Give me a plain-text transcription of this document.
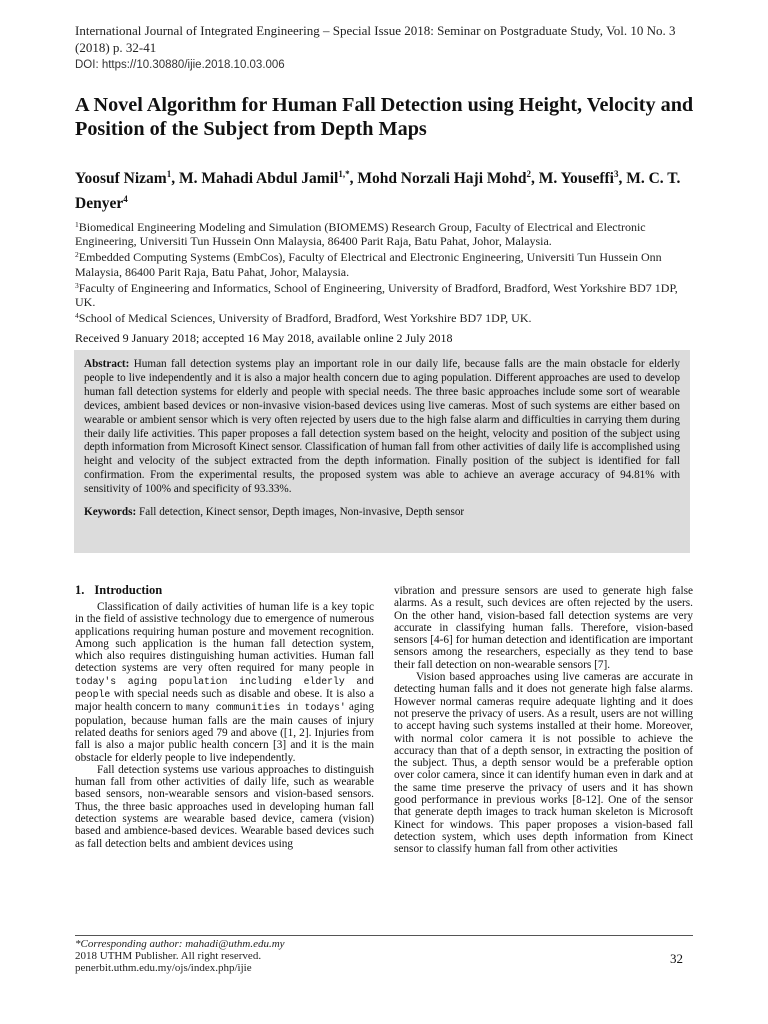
International Journal of Integrated Engineering – Special Issue 2018: Seminar on Postgraduate Study, Vol. 10 No. 3 (2018) p. 32-41
DOI: https://10.30880/ijie.2018.10.03.006
A Novel Algorithm for Human Fall Detection using Height, Velocity and Position of the Subject from Depth Maps
Yoosuf Nizam$^1$, M. Mahadi Abdul Jamil$^{1,*}$, Mohd Norzali Haji Mohd$^2$, M. Youseffi$^3$, M. C. T. Denyer$^4$

$^1$Biomedical Engineering Modeling and Simulation (BIOMEMS) Research Group, Faculty of Electrical and Electronic Engineering, Universiti Tun Hussein Onn Malaysia, 86400 Parit Raja, Batu Pahat, Johor, Malaysia.

$^2$Embedded Computing Systems (EmbCos), Faculty of Electrical and Electronic Engineering, Universiti Tun Hussein Onn Malaysia, 86400 Parit Raja, Batu Pahat, Johor, Malaysia.

$^3$Faculty of Engineering and Informatics, School of Engineering, University of Bradford, Bradford, West Yorkshire BD7 1DP, UK.

$^4$School of Medical Sciences, University of Bradford, Bradford, West Yorkshire BD7 1DP, UK.

Received 9 January 2018; accepted 16 May 2018, available online 2 July 2018

Abstract: Human fall detection systems play an important role in our daily life, because falls are the main obstacle for elderly people to live independently and it is also a major health concern due to aging population. Different approaches are used to develop human fall detection systems for elderly and people with special needs. The three basic approaches include some sort of wearable devices, ambient based devices or non-invasive vision-based devices using live cameras. Most of such systems are either based on wearable or ambient sensor which is very often rejected by users due to the high false alarm and difficulties in carrying them during their daily life activities. This paper proposes a fall detection system based on the height, velocity and position of the subject using depth information from Microsoft Kinect sensor. Classification of human fall from other activities of daily life is accomplished using height and velocity of the subject extracted from the depth information. Finally position of the subject is identified for fall confirmation. From the experimental results, the proposed system was able to achieve an average accuracy of 94.81% with sensitivity of 100% and specificity of 93.33%.

Keywords: Fall detection, Kinect sensor, Depth images, Non-invasive, Depth sensor

1. Introduction

Classification of daily activities of human life is a key topic in the field of assistive technology due to emergence of numerous applications requiring human posture and movement recognition. Among such application is the human fall detection system, which also requires distinguishing human activities. Human fall detection systems are very often required for many people in today's aging population including elderly and people with special needs such as disable and obese. It is also a major health concern to many communities in todays' aging population, because human falls are the main causes of injury related deaths for seniors aged 79 and above ([1, 2]. Injuries from fall is also a major public health concern [3] and it is the main obstacle for elderly people to live independently.

Fall detection systems use various approaches to distinguish human fall from other activities of daily life, such as wearable based sensors, non-wearable sensors and vision-based sensors. Thus, the three basic approaches used in developing human fall detection systems are wearable based device, camera (vision) based and ambience-based devices. Wearable based devices such as fall detection belts and ambient devices using

vibration and pressure sensors are used to generate high false alarms. As a result, such devices are often rejected by the users. On the other hand, vision-based fall detection systems are very accurate in classifying human falls. Therefore, vision-based sensors [4-6] for human detection and identification are important sensors among the researchers, especially as they tend to base their fall detection on non-wearable sensors [7].

Vision based approaches using live cameras are accurate in detecting human falls and it does not generate high false alarms. However normal cameras require adequate lighting and it does not preserve the privacy of users. As a result, users are not willing to accept having such systems installed at their home. Moreover, with normal color camera it is not possible to achieve the accuracy than that of a depth sensor, in extracting the position of the subject. Thus, a depth sensor would be a preferable option over color camera, since it can identify human even in dark and at the same time preserve the privacy of users and it has shown good performance in previous works [8-12]. One of the sensor that generate depth images to track human skeleton is Microsoft Kinect for windows. This paper proposes a vision-based fall detection system, which uses depth information from Kinect sensor to classify human fall from other activities

*Corresponding author: mahadi@uthm.edu.my
2018 UTHM Publisher. All right reserved.
penerbit.uthm.edu.my/ojs/index.php/ijie
32
